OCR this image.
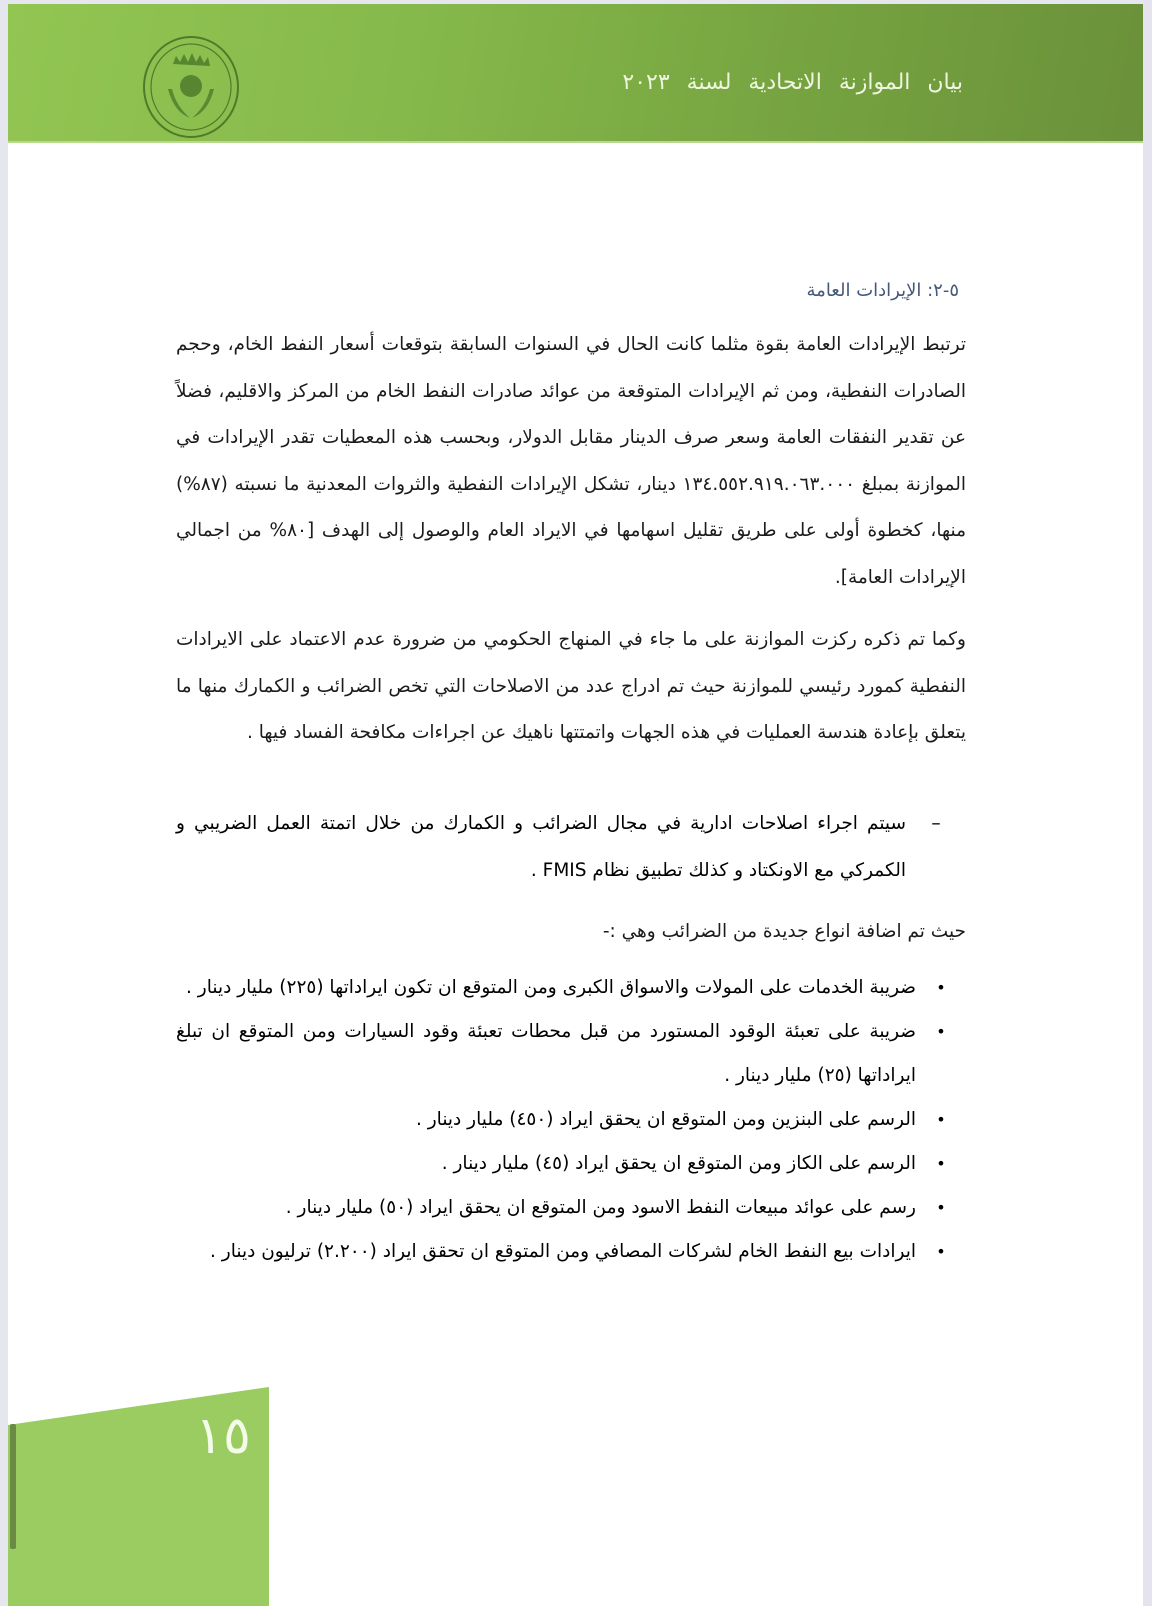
بيان الموازنة الاتحادية لسنة ٢٠٢٣
٥-٢: الإيرادات العامة

ترتبط الإيرادات العامة بقوة مثلما كانت الحال في السنوات السابقة بتوقعات أسعار النفط الخام، وحجم الصادرات النفطية، ومن ثم الإيرادات المتوقعة من عوائد صادرات النفط الخام من المركز والاقليم، فضلاً عن تقدير النفقات العامة وسعر صرف الدينار مقابل الدولار، وبحسب هذه المعطيات تقدر الإيرادات في الموازنة بمبلغ ١٣٤.٥٥٢.٩١٩.٠٦٣.٠٠٠ دينار، تشكل الإيرادات النفطية والثروات المعدنية ما نسبته (٨٧%) منها، كخطوة أولى على طريق تقليل اسهامها في الايراد العام والوصول إلى الهدف [٨٠% من اجمالي الإيرادات العامة].

وكما تم ذكره ركزت الموازنة على ما جاء في المنهاج الحكومي من ضرورة عدم الاعتماد على الايرادات النفطية كمورد رئيسي للموازنة حيث تم ادراج عدد من الاصلاحات التي تخص الضرائب و الكمارك منها ما يتعلق بإعادة هندسة العمليات في هذه الجهات واتمتتها ناهيك عن اجراءات مكافحة الفساد فيها .

–
سيتم اجراء اصلاحات ادارية في مجال الضرائب و الكمارك من خلال اتمتة العمل الضريبي و الكمركي مع الاونكتاد و كذلك تطبيق نظام FMIS .

حيث تم اضافة انواع جديدة من الضرائب وهي :-

•
ضريبة الخدمات على المولات والاسواق الكبرى ومن المتوقع ان تكون ايراداتها (٢٢٥) مليار دينار .
•
ضريبة على تعبئة الوقود المستورد من قبل محطات تعبئة وقود السيارات ومن المتوقع ان تبلغ ايراداتها (٢٥) مليار دينار .
•
الرسم على البنزين ومن المتوقع ان يحقق ايراد (٤٥٠) مليار دينار .
•
الرسم على الكاز ومن المتوقع ان يحقق ايراد (٤٥) مليار دينار .
•
رسم على عوائد مبيعات النفط الاسود ومن المتوقع ان يحقق ايراد (٥٠) مليار دينار .
•
ايرادات بيع النفط الخام لشركات المصافي ومن المتوقع ان تحقق ايراد (٢.٢٠٠) ترليون دينار .
١٥
